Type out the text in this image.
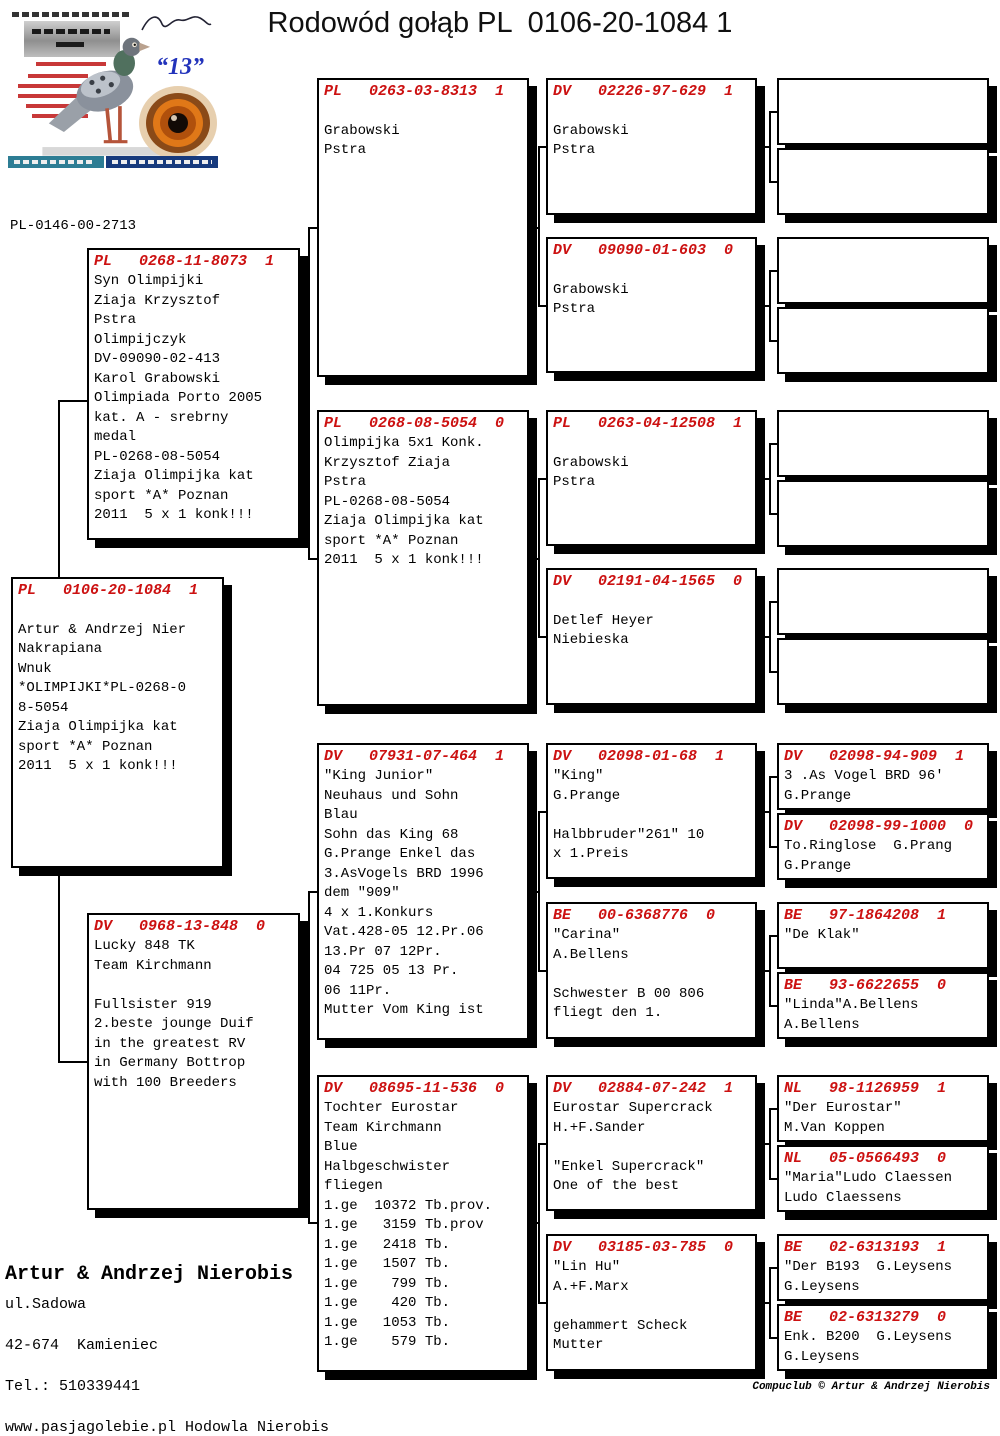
Rodowód gołąb PL  0106-20-1084 1
“13”
PL-0146-00-2713
PL   0106-20-1084  1

Artur & Andrzej Nier
Nakrapiana
Wnuk
*OLIMPIJKI*PL-0268-0
8-5054
Ziaja Olimpijka kat
sport *A* Poznan
2011  5 x 1 konk!!!
PL   0268-11-8073  1
Syn Olimpijki
Ziaja Krzysztof
Pstra
Olimpijczyk
DV-09090-02-413
Karol Grabowski
Olimpiada Porto 2005
kat. A - srebrny
medal
PL-0268-08-5054
Ziaja Olimpijka kat
sport *A* Poznan
2011  5 x 1 konk!!!
DV   0968-13-848  0
Lucky 848 TK
Team Kirchmann

Fullsister 919
2.beste jounge Duif
in the greatest RV
in Germany Bottrop
with 100 Breeders
PL   0263-03-8313  1

Grabowski
Pstra
PL   0268-08-5054  0
Olimpijka 5x1 Konk.
Krzysztof Ziaja
Pstra
PL-0268-08-5054
Ziaja Olimpijka kat
sport *A* Poznan
2011  5 x 1 konk!!!
DV   07931-07-464  1
"King Junior"
Neuhaus und Sohn
Blau
Sohn das King 68
G.Prange Enkel das
3.AsVogels BRD 1996
dem "909"
4 x 1.Konkurs
Vat.428-05 12.Pr.06
13.Pr 07 12Pr.
04 725 05 13 Pr.
06 11Pr.
Mutter Vom King ist
DV   08695-11-536  0
Tochter Eurostar
Team Kirchmann
Blue
Halbgeschwister
fliegen
1.ge  10372 Tb.prov.
1.ge   3159 Tb.prov
1.ge   2418 Tb.
1.ge   1507 Tb.
1.ge    799 Tb.
1.ge    420 Tb.
1.ge   1053 Tb.
1.ge    579 Tb.
DV   02226-97-629  1

Grabowski
Pstra
DV   09090-01-603  0

Grabowski
Pstra
PL   0263-04-12508  1

Grabowski
Pstra
DV   02191-04-1565  0

Detlef Heyer
Niebieska
DV   02098-01-68  1
"King"
G.Prange

Halbbruder"261" 10
x 1.Preis
BE   00-6368776  0
"Carina"
A.Bellens

Schwester B 00 806
fliegt den 1.
DV   02884-07-242  1
Eurostar Supercrack
H.+F.Sander

"Enkel Supercrack"
One of the best
DV   03185-03-785  0
"Lin Hu"
A.+F.Marx

gehammert Scheck
Mutter
DV   02098-94-909  1
3 .As Vogel BRD 96'
G.Prange
DV   02098-99-1000  0
To.Ringlose  G.Prang
G.Prange
BE   97-1864208  1
"De Klak"
BE   93-6622655  0
"Linda"A.Bellens
A.Bellens
NL   98-1126959  1
"Der Eurostar"
M.Van Koppen
NL   05-0566493  0
"Maria"Ludo Claessen
Ludo Claessens
BE   02-6313193  1
"Der B193  G.Leysens
G.Leysens
BE   02-6313279  0
Enk. B200  G.Leysens
G.Leysens
Artur & Andrzej Nierobis
ul.Sadowa

42-674  Kamieniec

Tel.: 510339441

www.pasjagolebie.pl Hodowla Nierobis
Compuclub © Artur & Andrzej Nierobis
